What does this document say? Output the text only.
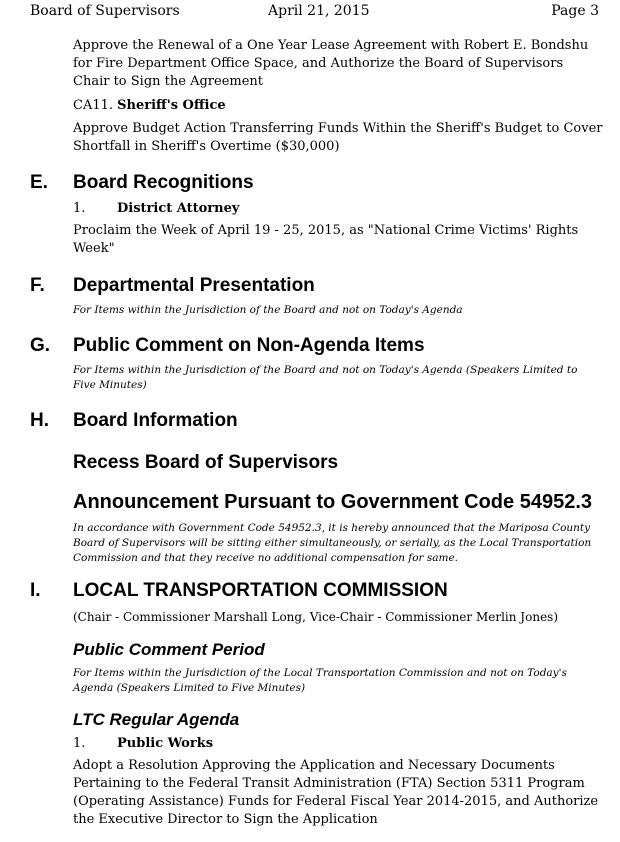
Board of Supervisors	April 21, 2015	Page 3

Approve the Renewal of a One Year Lease Agreement with Robert E. Bondshu for Fire Department Office Space, and Authorize the Board of Supervisors Chair to Sign the Agreement

CA11. Sheriff's Office

Approve Budget Action Transferring Funds Within the Sheriff's Budget to Cover Shortfall in Sheriff's Overtime ($30,000)

E. Board Recognitions
1. District Attorney

Proclaim the Week of April 19 - 25, 2015, as "National Crime Victims' Rights Week"

F. Departmental Presentation

For Items within the Jurisdiction of the Board and not on Today's Agenda

G. Public Comment on Non-Agenda Items

For Items within the Jurisdiction of the Board and not on Today's Agenda (Speakers Limited to Five Minutes)

H. Board Information
Recess Board of Supervisors
Announcement Pursuant to Government Code 54952.3

In accordance with Government Code 54952.3, it is hereby announced that the Mariposa County Board of Supervisors will be sitting either simultaneously, or serially, as the Local Transportation Commission and that they receive no additional compensation for same.

I. LOCAL TRANSPORTATION COMMISSION
(Chair - Commissioner Marshall Long, Vice-Chair - Commissioner Merlin Jones)
Public Comment Period

For Items within the Jurisdiction of the Local Transportation Commission and not on Today's Agenda (Speakers Limited to Five Minutes)

LTC Regular Agenda
1. Public Works

Adopt a Resolution Approving the Application and Necessary Documents Pertaining to the Federal Transit Administration (FTA) Section 5311 Program (Operating Assistance) Funds for Federal Fiscal Year 2014-2015, and Authorize the Executive Director to Sign the Application
